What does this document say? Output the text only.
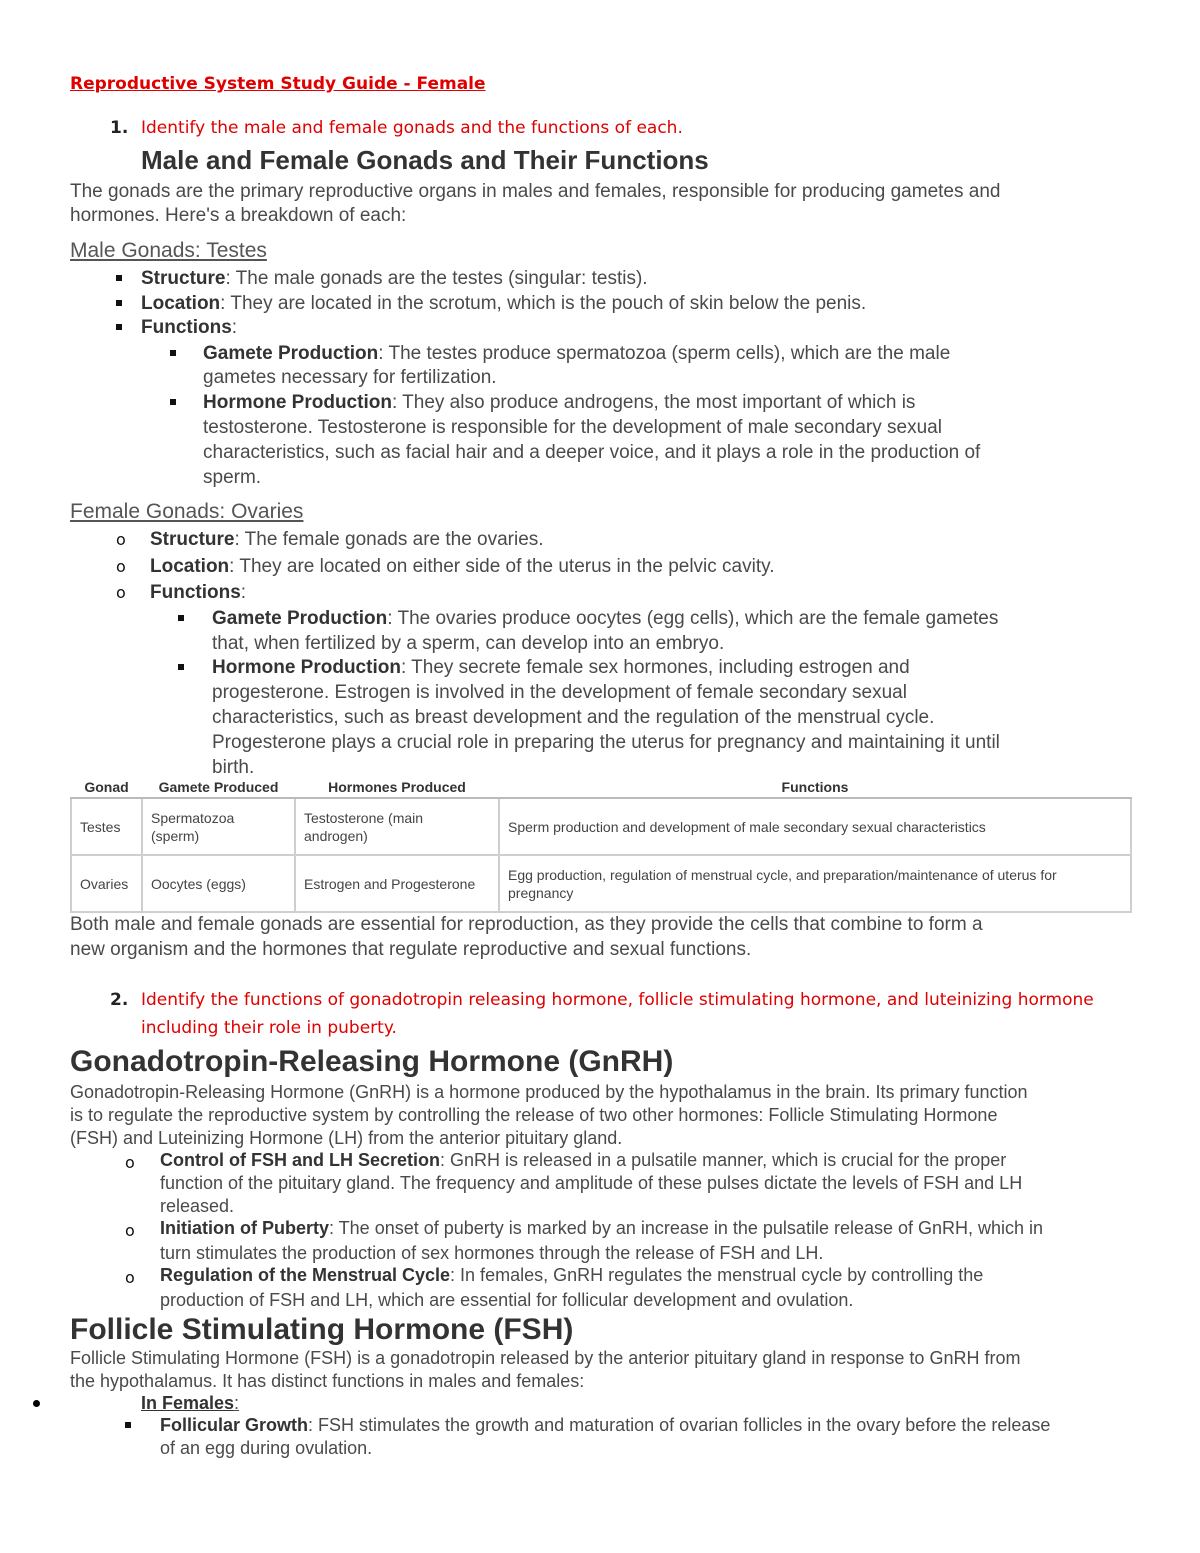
Reproductive System Study Guide - Female
1. Identify the male and female gonads and the functions of each.
Male and Female Gonads and Their Functions
The gonads are the primary reproductive organs in males and females, responsible for producing gametes and
hormones. Here's a breakdown of each:
Male Gonads: Testes
Structure: The male gonads are the testes (singular: testis).
Location: They are located in the scrotum, which is the pouch of skin below the penis.
Functions:
Gamete Production: The testes produce spermatozoa (sperm cells), which are the male
gametes necessary for fertilization.
Hormone Production: They also produce androgens, the most important of which is
testosterone. Testosterone is responsible for the development of male secondary sexual
characteristics, such as facial hair and a deeper voice, and it plays a role in the production of
sperm.
Female Gonads: Ovaries
o Structure: The female gonads are the ovaries.
o Location: They are located on either side of the uterus in the pelvic cavity.
o Functions:
Gamete Production: The ovaries produce oocytes (egg cells), which are the female gametes
that, when fertilized by a sperm, can develop into an embryo.
Hormone Production: They secrete female sex hormones, including estrogen and
progesterone. Estrogen is involved in the development of female secondary sexual
characteristics, such as breast development and the regulation of the menstrual cycle.
Progesterone plays a crucial role in preparing the uterus for pregnancy and maintaining it until
birth.
Gonad	Gamete Produced	Hormones Produced	Functions
Testes	Spermatozoa (sperm)	Testosterone (main androgen)	Sperm production and development of male secondary sexual characteristics
Ovaries	Oocytes (eggs)	Estrogen and Progesterone	Egg production, regulation of menstrual cycle, and preparation/maintenance of uterus for pregnancy
Both male and female gonads are essential for reproduction, as they provide the cells that combine to form a
new organism and the hormones that regulate reproductive and sexual functions.
2. Identify the functions of gonadotropin releasing hormone, follicle stimulating hormone, and luteinizing hormone
including their role in puberty.
Gonadotropin-Releasing Hormone (GnRH)
Gonadotropin-Releasing Hormone (GnRH) is a hormone produced by the hypothalamus in the brain. Its primary function
is to regulate the reproductive system by controlling the release of two other hormones: Follicle Stimulating Hormone
(FSH) and Luteinizing Hormone (LH) from the anterior pituitary gland.
o Control of FSH and LH Secretion: GnRH is released in a pulsatile manner, which is crucial for the proper
function of the pituitary gland. The frequency and amplitude of these pulses dictate the levels of FSH and LH
released.
o Initiation of Puberty: The onset of puberty is marked by an increase in the pulsatile release of GnRH, which in
turn stimulates the production of sex hormones through the release of FSH and LH.
o Regulation of the Menstrual Cycle: In females, GnRH regulates the menstrual cycle by controlling the
production of FSH and LH, which are essential for follicular development and ovulation.
Follicle Stimulating Hormone (FSH)
Follicle Stimulating Hormone (FSH) is a gonadotropin released by the anterior pituitary gland in response to GnRH from
the hypothalamus. It has distinct functions in males and females:
In Females:
Follicular Growth: FSH stimulates the growth and maturation of ovarian follicles in the ovary before the release
of an egg during ovulation.
